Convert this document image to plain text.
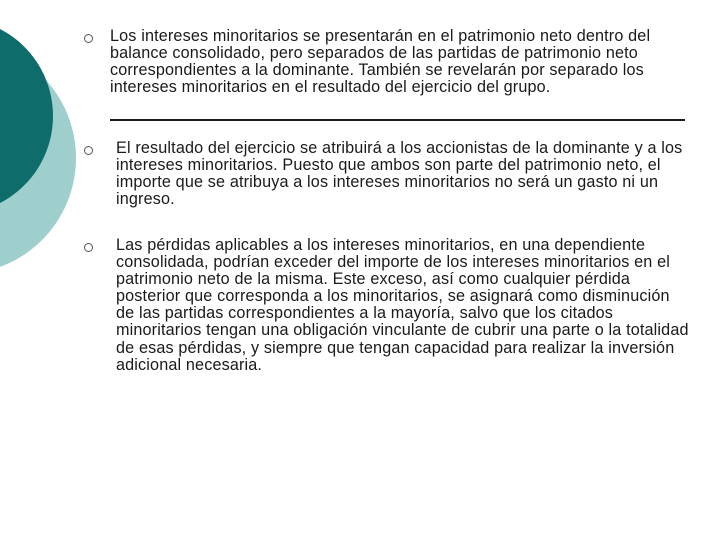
Los intereses minoritarios se presentarán en el patrimonio neto dentro del balance consolidado, pero separados de las partidas de patrimonio neto correspondientes a la dominante. También se revelarán por separado los intereses minoritarios en el resultado del ejercicio del grupo.

El resultado del ejercicio se atribuirá a los accionistas de la dominante y a los intereses minoritarios. Puesto que ambos son parte del patrimonio neto, el importe que se atribuya a los intereses minoritarios no será un gasto ni un ingreso.

Las pérdidas aplicables a los intereses minoritarios, en una dependiente consolidada, podrían exceder del importe de los intereses minoritarios en el patrimonio neto de la misma. Este exceso, así como cualquier pérdida posterior que corresponda a los minoritarios, se asignará como disminución de las partidas correspondientes a la mayoría, salvo que los citados minoritarios tengan una obligación vinculante de cubrir una parte o la totalidad de esas pérdidas, y siempre que tengan capacidad para realizar la inversión adicional necesaria.
